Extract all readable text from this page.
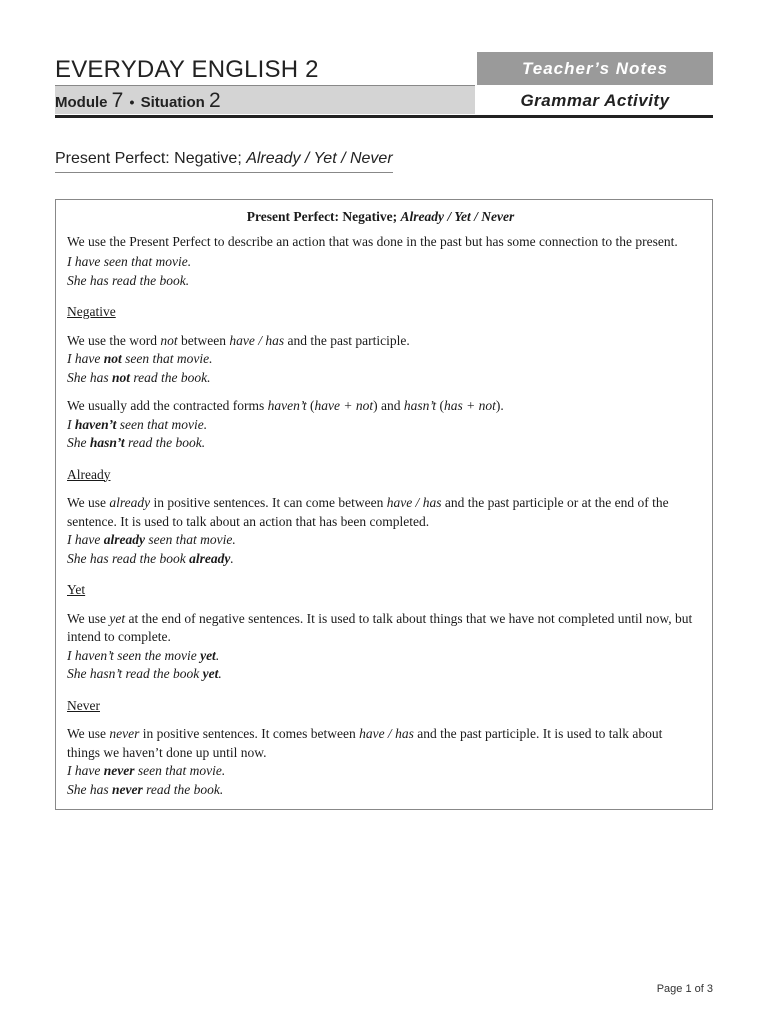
EVERYDAY ENGLISH 2
Module 7 • Situation 2
Teacher’s Notes
Grammar Activity
Present Perfect: Negative; Already / Yet / Never
Present Perfect: Negative; Already / Yet / Never

We use the Present Perfect to describe an action that was done in the past but has some connection to the present.

I have seen that movie.

She has read the book.

Negative

We use the word not between have / has and the past participle.

I have not seen that movie.

She has not read the book.

We usually add the contracted forms haven’t (have + not) and hasn’t (has + not).

I haven’t seen that movie.

She hasn’t read the book.

Already

We use already in positive sentences. It can come between have / has and the past participle or at the end of the sentence. It is used to talk about an action that has been completed.

I have already seen that movie.

She has read the book already.

Yet

We use yet at the end of negative sentences. It is used to talk about things that we have not completed until now, but intend to complete.

I haven’t seen the movie yet.

She hasn’t read the book yet.

Never

We use never in positive sentences. It comes between have / has and the past participle. It is used to talk about things we haven’t done up until now.

I have never seen that movie.

She has never read the book.

Page 1 of 3
